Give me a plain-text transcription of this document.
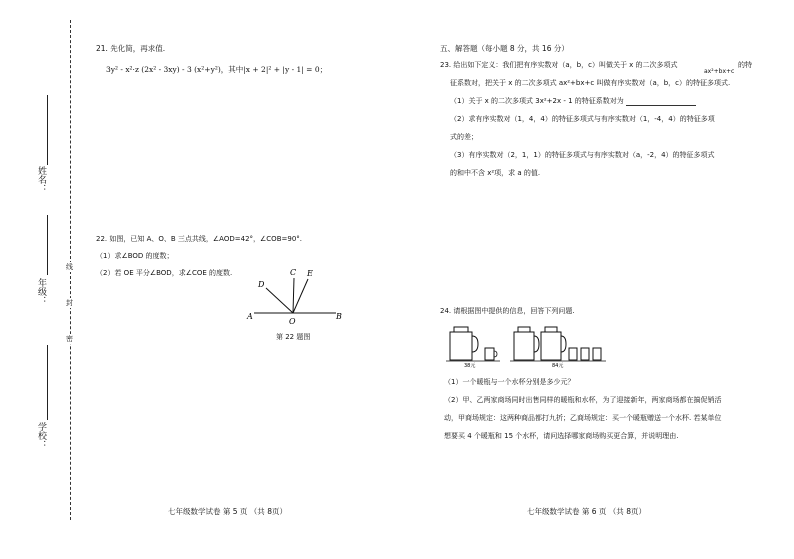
姓名：
年级：
学校：
线
封
密
21. 先化简，再求值.
3y² - x²·z (2x² - 3xy) - 3 (x²+y²)，其中|x + 2|² + |y - 1| = 0；
22. 如图，已知 A、O、B 三点共线，∠AOD=42°，∠COB=90°.
（1）求∠BOD 的度数；
（2）若 OE 平分∠BOD，求∠COE 的度数.
A	B
O
D
C E
第 22 题图
七年级数学试卷 第 5 页 （共 8页）
五、解答题（每小题 8 分，共 16 分）
23. 给出如下定义：我们把有序实数对（a，b，c）叫做关于 x 的二次多项式
ax²+bx+c
的特
征系数对，把关于 x 的二次多项式 ax²+bx+c 叫做有序实数对（a，b，c）的特征多项式.
（1）关于 x 的二次多项式 3x²+2x - 1 的特征系数对为
（2）求有序实数对（1，4，4）的特征多项式与有序实数对（1，-4，4）的特征多项
式的差；
（3）有序实数对（2，1，1）的特征多项式与有序实数对（a，-2，4）的特征多项式
的和中不含 x²项，求 a 的值.
24. 请根据图中提供的信息，回答下列问题.
38元	84元
（1）一个暖瓶与一个水杯分别是多少元？
（2）甲、乙两家商场同时出售同样的暖瓶和水杯，为了迎接新年，两家商场都在搞促销活
动，甲商场规定：这两种商品都打九折；乙商场规定：买一个暖瓶赠送一个水杯. 若某单位
想要买 4 个暖瓶和 15 个水杯，请问选择哪家商场购买更合算，并说明理由.
七年级数学试卷 第 6 页 （共 8页）
